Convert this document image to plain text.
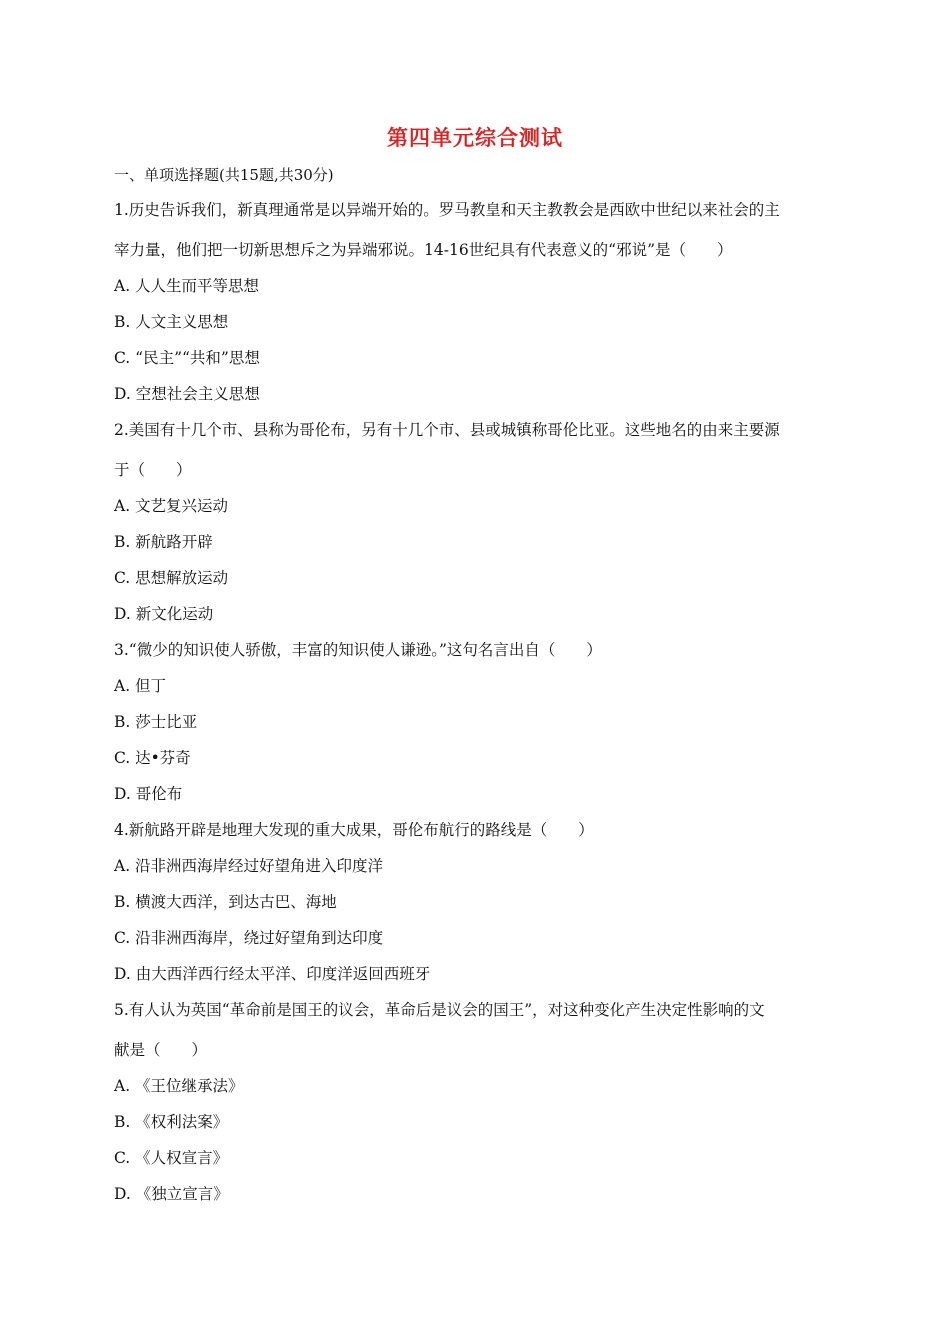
第四单元综合测试
一、单项选择题(共15题,共30分)
1.历史告诉我们，新真理通常是以异端开始的。罗马教皇和天主教教会是西欧中世纪以来社会的主
宰力量，他们把一切新思想斥之为异端邪说。14-16世纪具有代表意义的“邪说”是（　　）
A. 人人生而平等思想
B. 人文主义思想
C. “民主”“共和”思想
D. 空想社会主义思想
2.美国有十几个市、县称为哥伦布，另有十几个市、县或城镇称哥伦比亚。这些地名的由来主要源
于（　　）
A. 文艺复兴运动
B. 新航路开辟
C. 思想解放运动
D. 新文化运动
3.“微少的知识使人骄傲，丰富的知识使人谦逊。”这句名言出自（　　）
A. 但丁
B. 莎士比亚
C. 达•芬奇
D. 哥伦布
4.新航路开辟是地理大发现的重大成果，哥伦布航行的路线是（　　）
A. 沿非洲西海岸经过好望角进入印度洋
B. 横渡大西洋，到达古巴、海地
C. 沿非洲西海岸，绕过好望角到达印度
D. 由大西洋西行经太平洋、印度洋返回西班牙
5.有人认为英国“革命前是国王的议会，革命后是议会的国王”，对这种变化产生决定性影响的文
献是（　　）
A. 《王位继承法》
B. 《权利法案》
C. 《人权宣言》
D. 《独立宣言》
